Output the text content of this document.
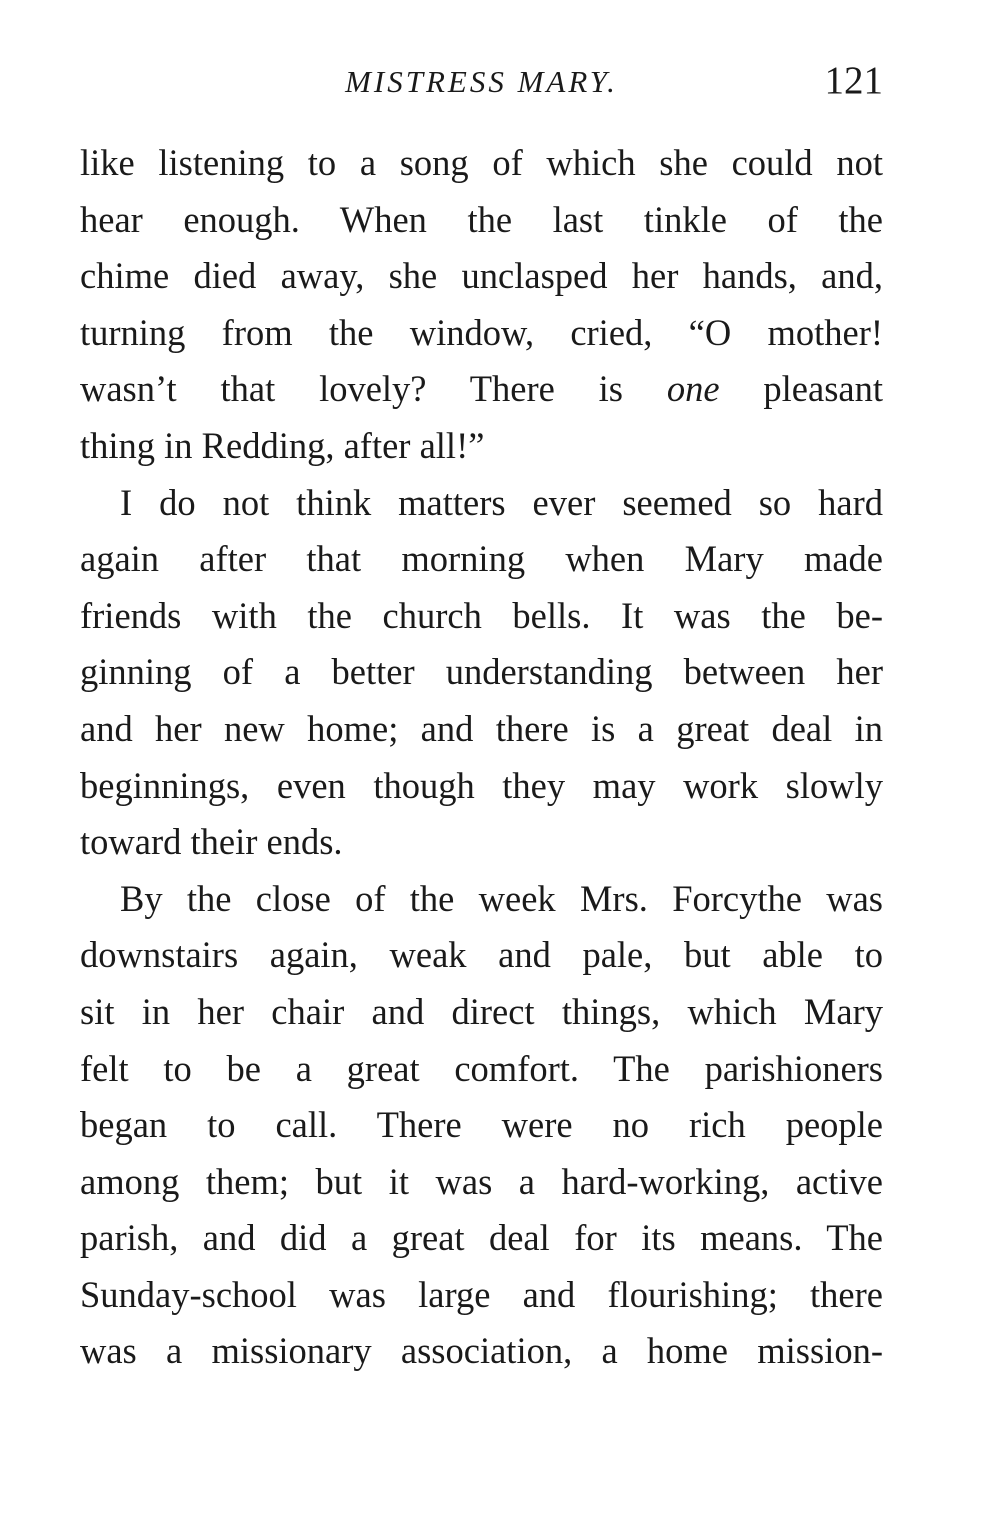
MISTRESS MARY.	121
like listening to a song of which she could not
hear enough. When the last tinkle of the
chime died away, she unclasped her hands, and,
turning from the window, cried, “O mother!
wasn’t that lovely? There is one pleasant
thing in Redding, after all!”
I do not think matters ever seemed so hard
again after that morning when Mary made
friends with the church bells. It was the be-
ginning of a better understanding between her
and her new home; and there is a great deal in
beginnings, even though they may work slowly
toward their ends.
By the close of the week Mrs. Forcythe was
downstairs again, weak and pale, but able to
sit in her chair and direct things, which Mary
felt to be a great comfort. The parishioners
began to call. There were no rich people
among them; but it was a hard-working, active
parish, and did a great deal for its means. The
Sunday-school was large and flourishing; there
was a missionary association, a home mission-
